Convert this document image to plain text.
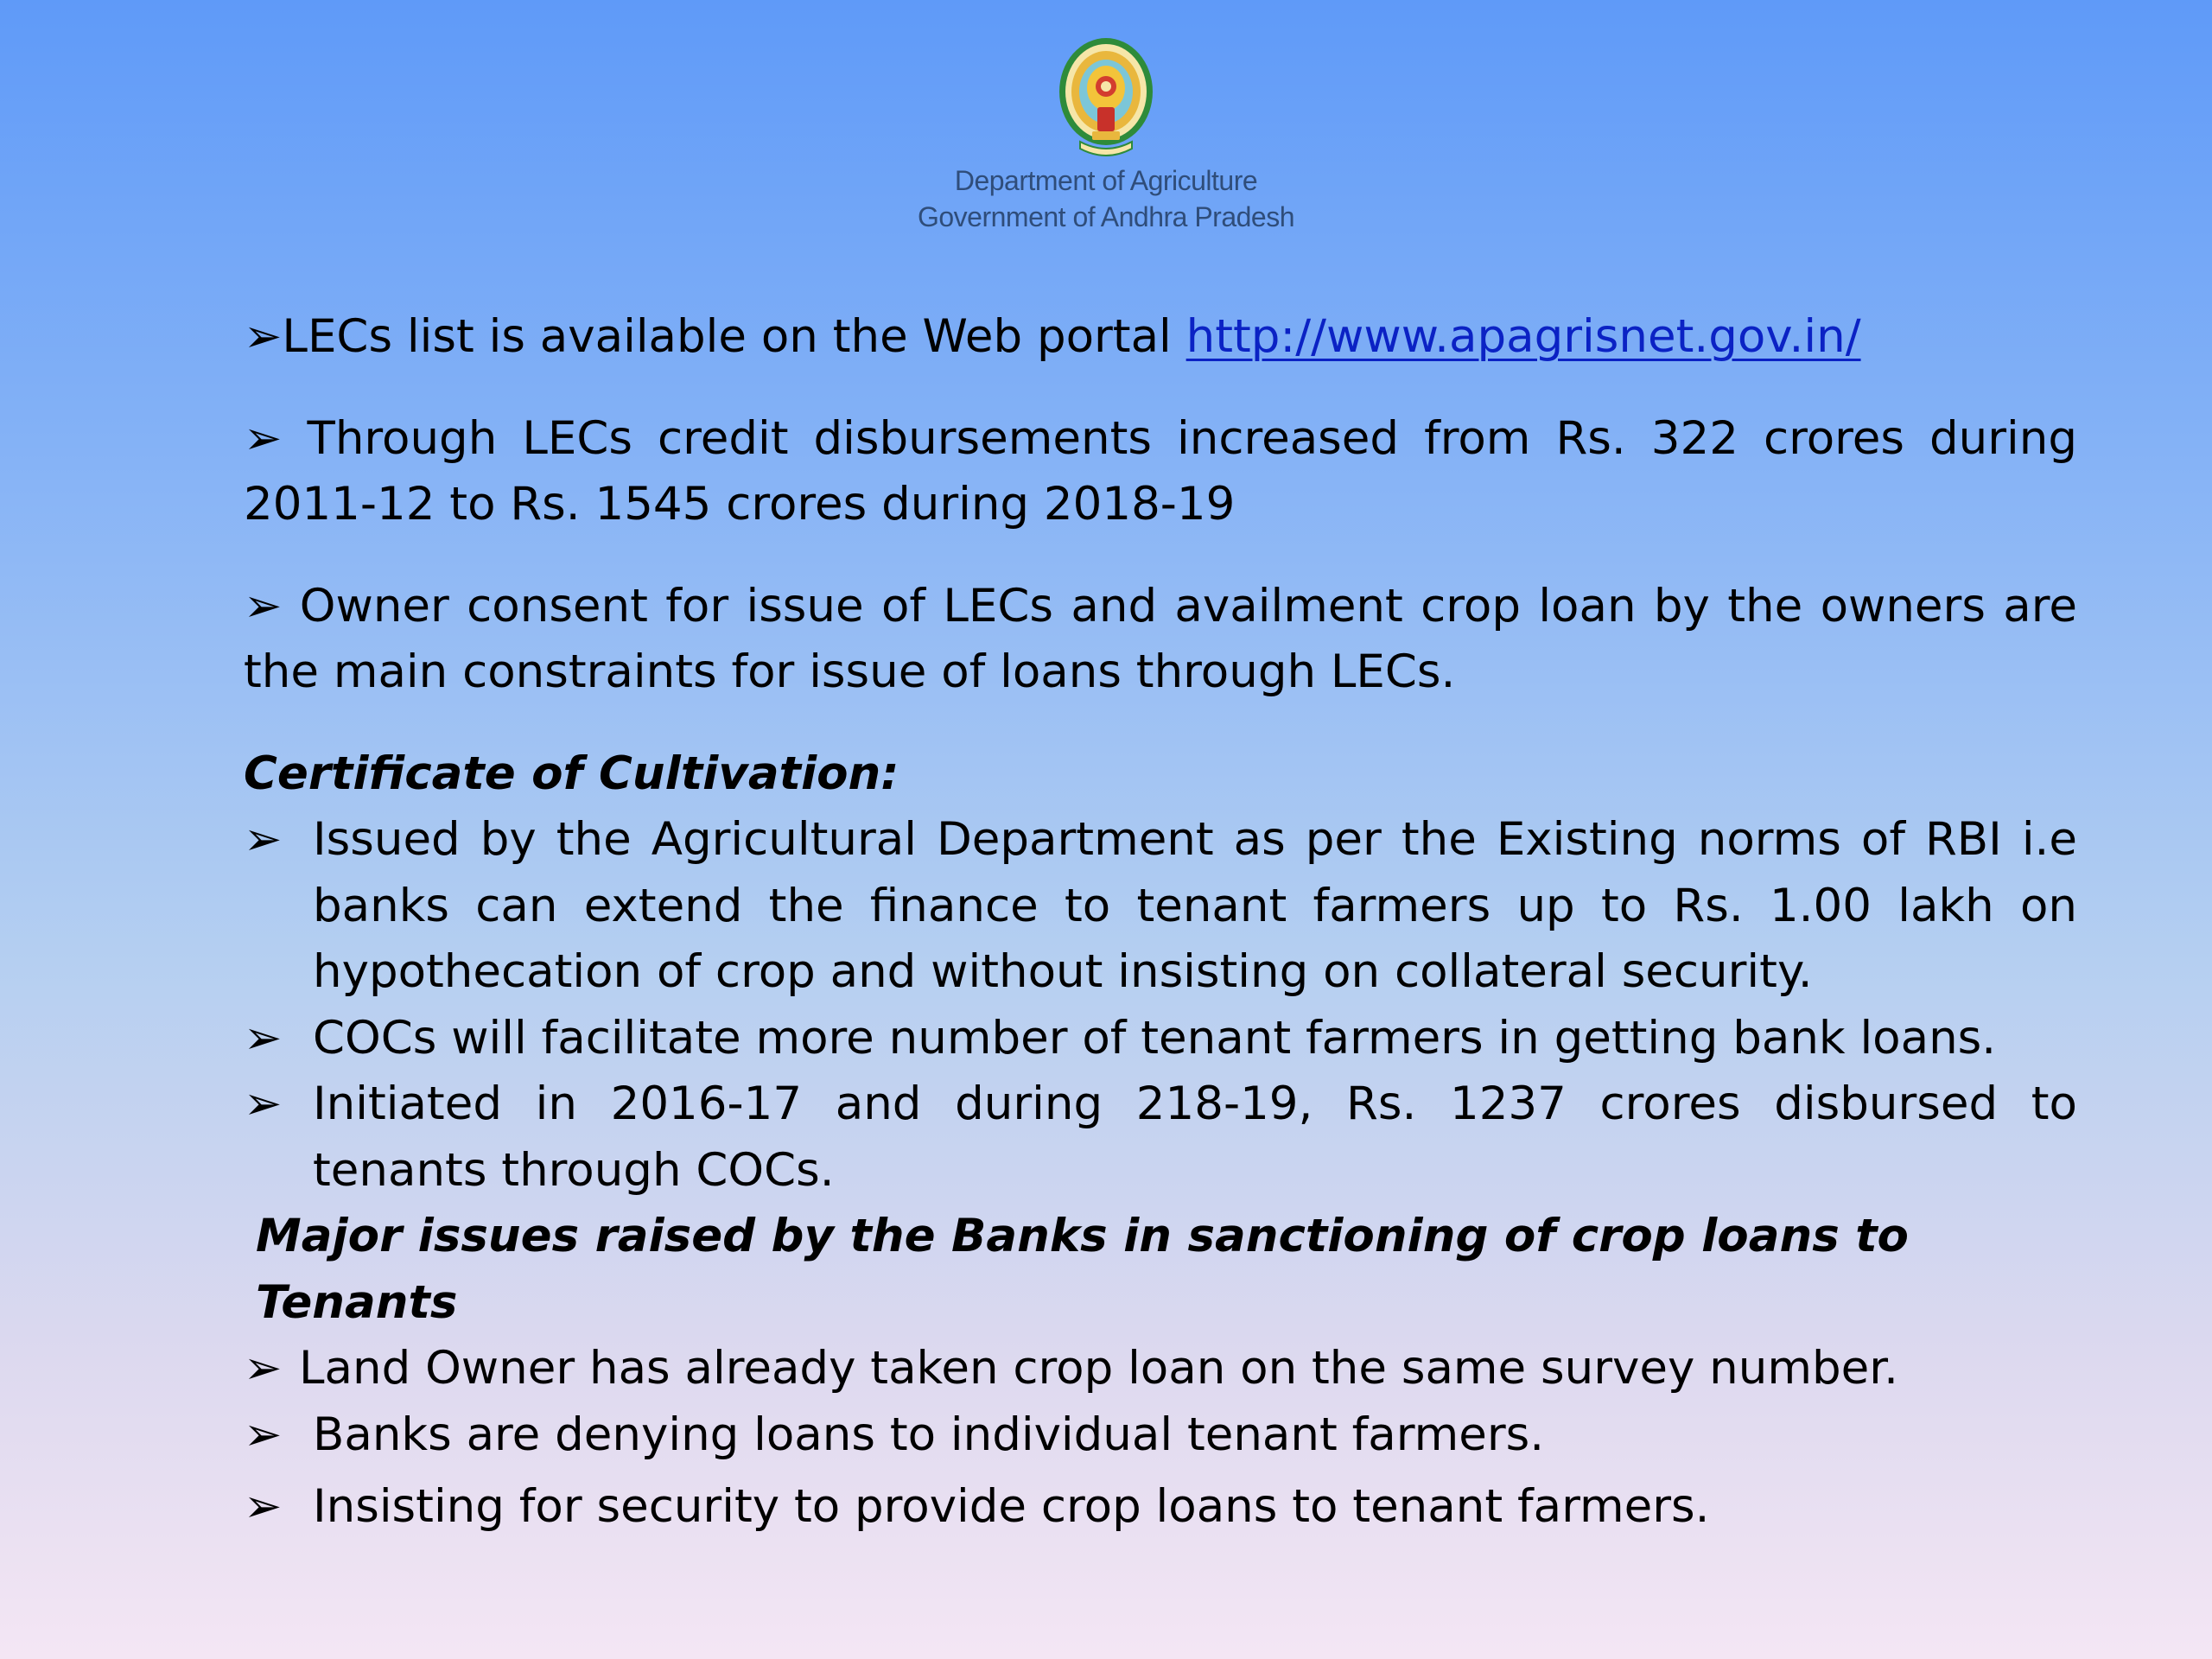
Department of Agriculture
Government of Andhra Pradesh

➢LECs list is available on the Web portal http://www.apagrisnet.gov.in/

➢ Through LECs credit disbursements increased from Rs. 322 crores during 2011-12 to Rs. 1545 crores during 2018-19

➢ Owner consent for issue of LECs and availment crop loan by the owners are the main constraints for issue of loans through LECs.

Certificate of Cultivation:

➢ Issued by the Agricultural Department as per the Existing norms of RBI i.e banks can extend the finance to tenant farmers up to Rs. 1.00 lakh on hypothecation of crop and without insisting on collateral security.
➢ COCs will facilitate more number of tenant farmers in getting bank loans.
➢ Initiated in 2016-17 and during 218-19, Rs. 1237 crores disbursed to tenants through COCs.

Major issues raised by the Banks in sanctioning of crop loans to Tenants

➢ Land Owner has already taken crop loan on the same survey number.
➢ Banks are denying loans to individual tenant farmers.
➢ Insisting for security to provide crop loans to tenant farmers.
